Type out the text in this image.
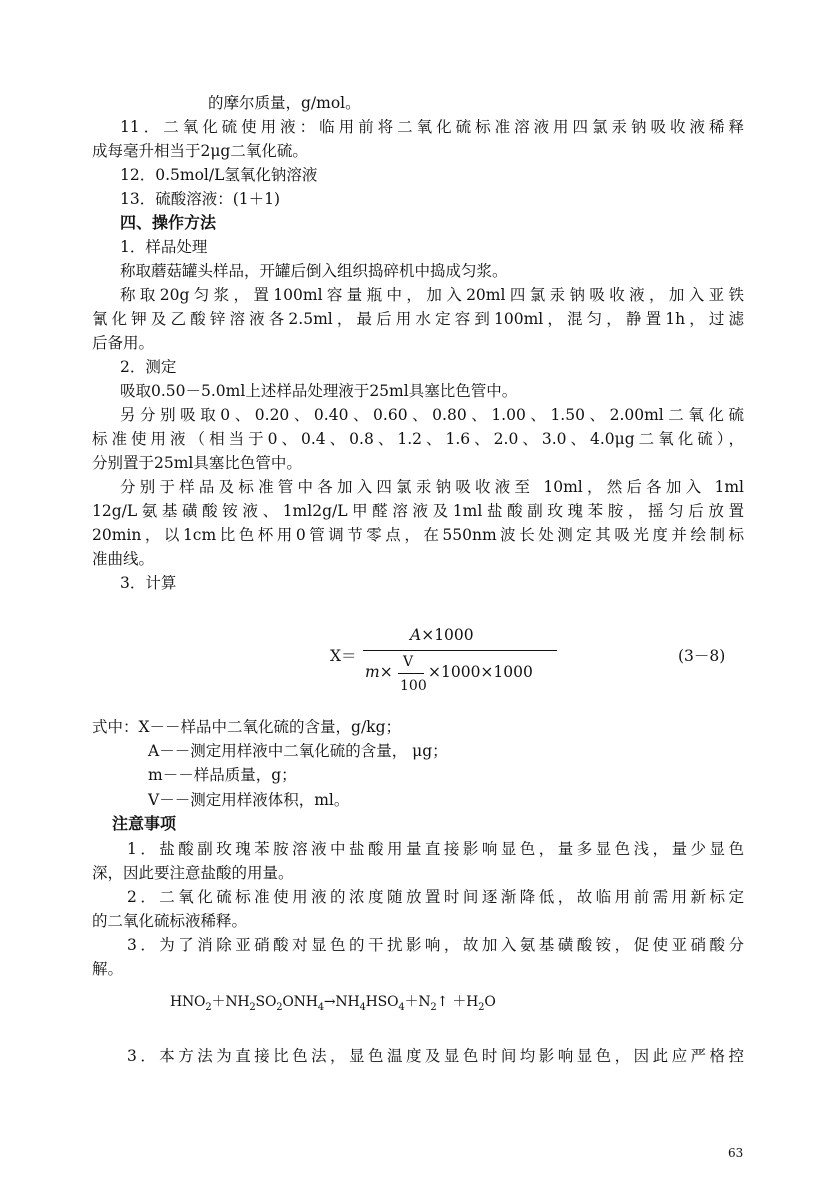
的摩尔质量，g/mol。
11．二氧化硫使用液：临用前将二氧化硫标准溶液用四氯汞钠吸收液稀释
成每毫升相当于2μg二氧化硫。
12．0.5mol/L氢氧化钠溶液
13．硫酸溶液：(1＋1)
四、操作方法
1．样品处理
称取蘑菇罐头样品，开罐后倒入组织捣碎机中捣成匀浆。
称取20g匀浆，置100ml容量瓶中，加入20ml四氯汞钠吸收液，加入亚铁
氰化钾及乙酸锌溶液各2.5ml，最后用水定容到100ml，混匀，静置1h，过滤
后备用。
2．测定
吸取0.50－5.0ml上述样品处理液于25ml具塞比色管中。
另分别吸取0、0.20、0.40、0.60、0.80、1.00、1.50、2.00ml二氧化硫
标准使用液（相当于0、0.4、0.8、1.2、1.6、2.0、3.0、4.0μg二氧化硫），
分别置于25ml具塞比色管中。
分别于样品及标准管中各加入四氯汞钠吸收液至 10ml，然后各加入 1ml
12g/L氨基磺酸铵液、1ml2g/L甲醛溶液及1ml盐酸副玫瑰苯胺，摇匀后放置
20min，以1cm比色杯用0管调节零点，在550nm波长处测定其吸光度并绘制标
准曲线。
3．计算
X＝
A×1000
m×
V
100
×1000×1000
(3－8)
式中：X－－样品中二氧化硫的含量，g/kg；
A－－测定用样液中二氧化硫的含量， μg；
m－－样品质量，g；
V－－测定用样液体积，ml。
注意事项
1．盐酸副玫瑰苯胺溶液中盐酸用量直接影响显色，量多显色浅，量少显色
深，因此要注意盐酸的用量。
2．二氧化硫标准使用液的浓度随放置时间逐渐降低，故临用前需用新标定
的二氧化硫标液稀释。
3．为了消除亚硝酸对显色的干扰影响，故加入氨基磺酸铵，促使亚硝酸分
解。
$HNO_2+NH_2SO_2ONH_4\to NH_4HSO_4+N_2↑ +H_2O$
3．本方法为直接比色法，显色温度及显色时间均影响显色，因此应严格控
63
